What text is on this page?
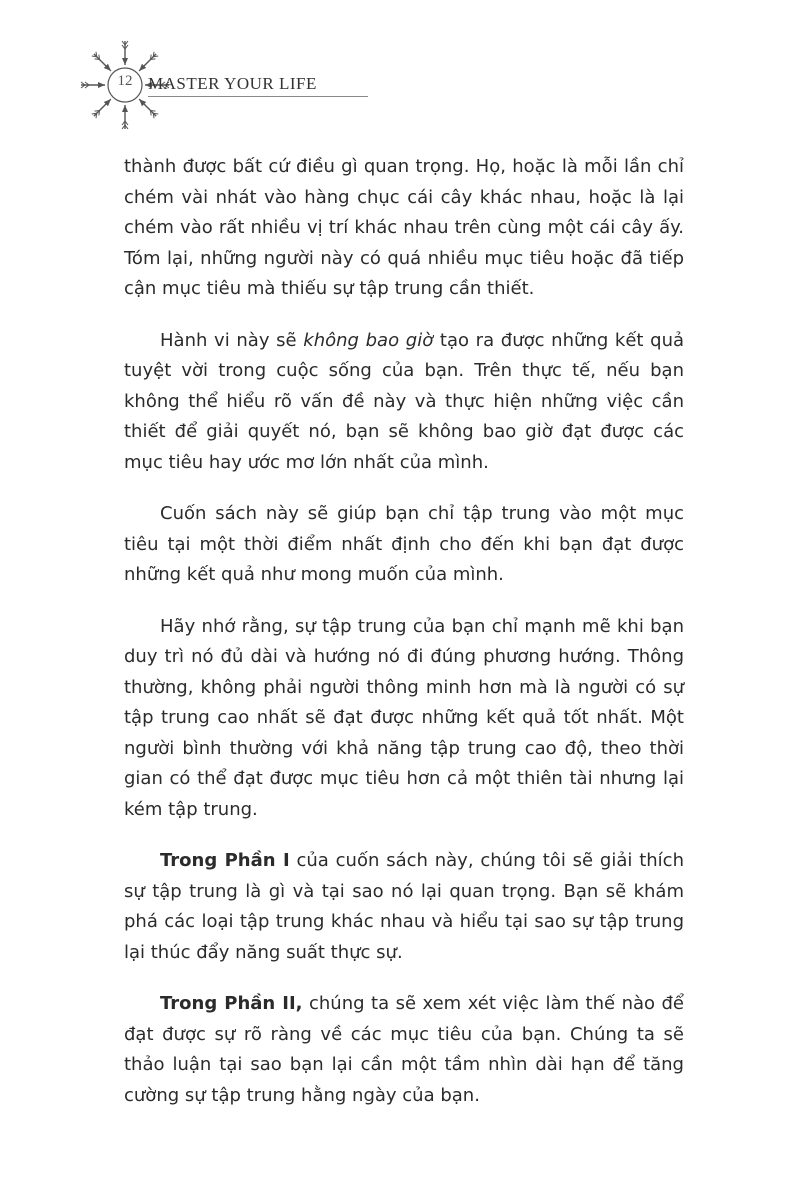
12 MASTER YOUR LIFE

thành được bất cứ điều gì quan trọng. Họ, hoặc là mỗi lần chỉ chém vài nhát vào hàng chục cái cây khác nhau, hoặc là lại chém vào rất nhiều vị trí khác nhau trên cùng một cái cây ấy. Tóm lại, những người này có quá nhiều mục tiêu hoặc đã tiếp cận mục tiêu mà thiếu sự tập trung cần thiết.

Hành vi này sẽ không bao giờ tạo ra được những kết quả tuyệt vời trong cuộc sống của bạn. Trên thực tế, nếu bạn không thể hiểu rõ vấn đề này và thực hiện những việc cần thiết để giải quyết nó, bạn sẽ không bao giờ đạt được các mục tiêu hay ước mơ lớn nhất của mình.

Cuốn sách này sẽ giúp bạn chỉ tập trung vào một mục tiêu tại một thời điểm nhất định cho đến khi bạn đạt được những kết quả như mong muốn của mình.

Hãy nhớ rằng, sự tập trung của bạn chỉ mạnh mẽ khi bạn duy trì nó đủ dài và hướng nó đi đúng phương hướng. Thông thường, không phải người thông minh hơn mà là người có sự tập trung cao nhất sẽ đạt được những kết quả tốt nhất. Một người bình thường với khả năng tập trung cao độ, theo thời gian có thể đạt được mục tiêu hơn cả một thiên tài nhưng lại kém tập trung.

Trong Phần I của cuốn sách này, chúng tôi sẽ giải thích sự tập trung là gì và tại sao nó lại quan trọng. Bạn sẽ khám phá các loại tập trung khác nhau và hiểu tại sao sự tập trung lại thúc đẩy năng suất thực sự.

Trong Phần II, chúng ta sẽ xem xét việc làm thế nào để đạt được sự rõ ràng về các mục tiêu của bạn. Chúng ta sẽ thảo luận tại sao bạn lại cần một tầm nhìn dài hạn để tăng cường sự tập trung hằng ngày của bạn.
